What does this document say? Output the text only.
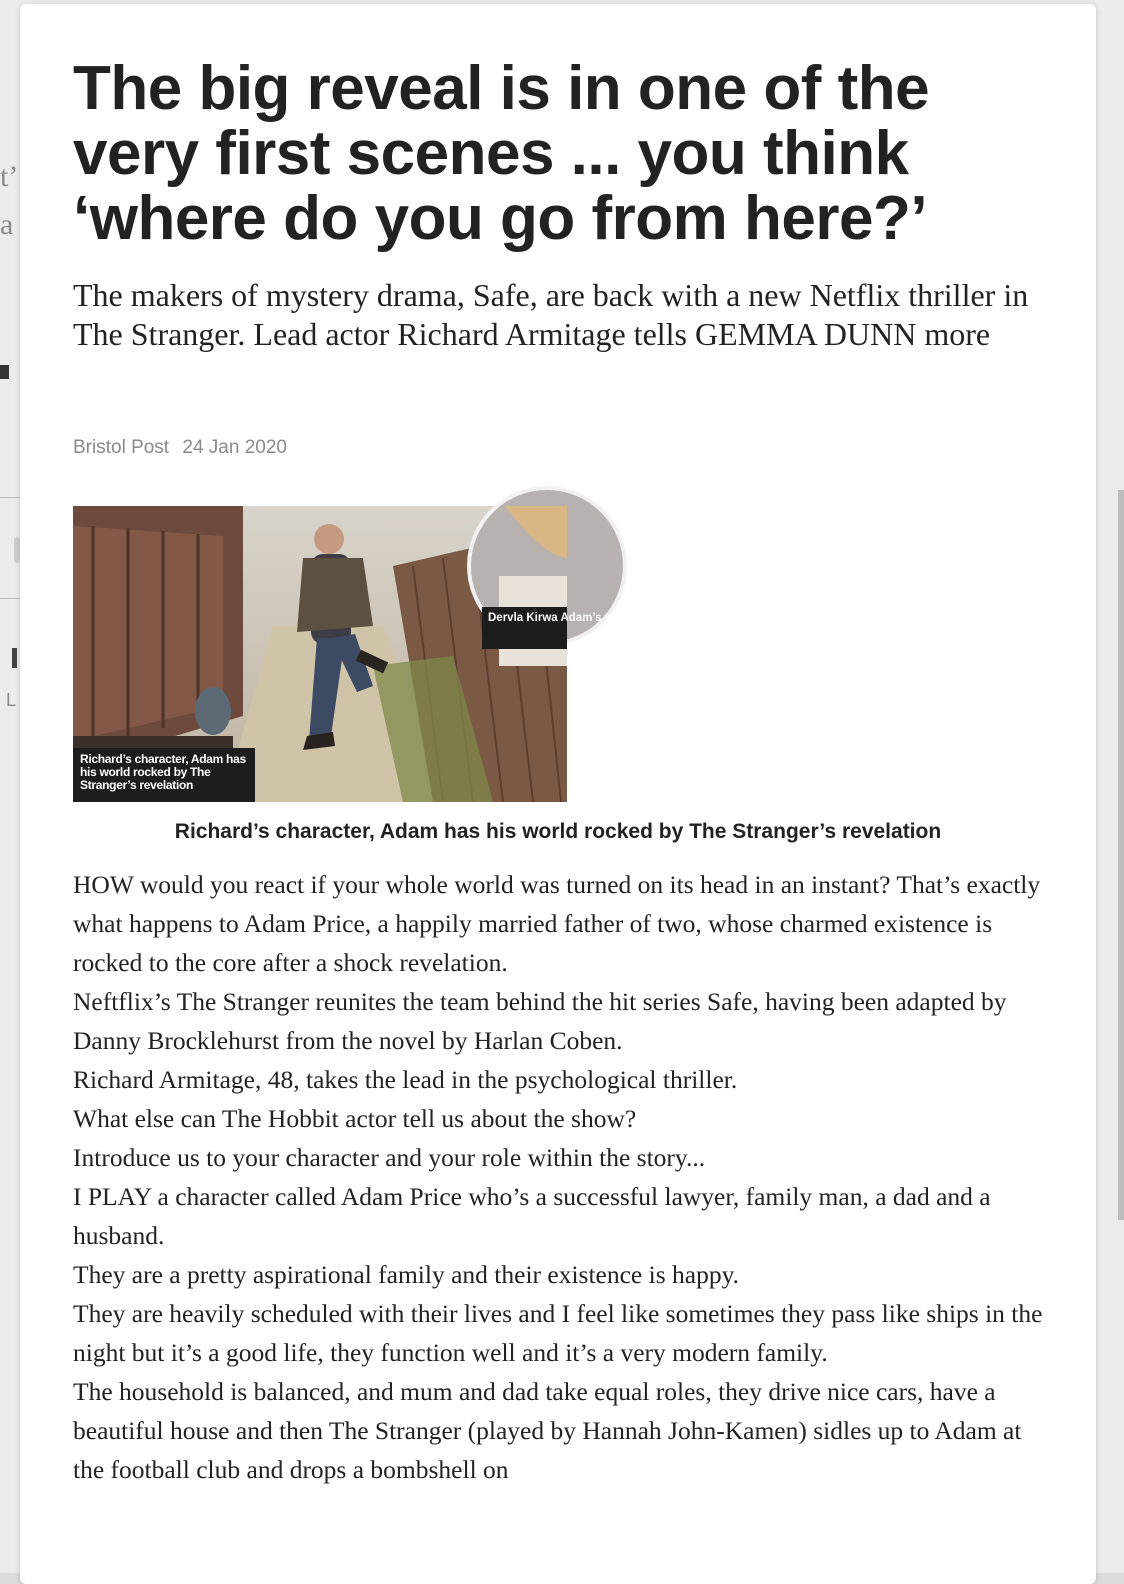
t’
a
L
The big reveal is in one of the very first scenes ... you think ‘where do you go from here?’

The makers of mystery drama, Safe, are back with a new Netflix thriller in The Stranger. Lead actor Richard Armitage tells GEMMA DUNN more

Bristol Post 24 Jan 2020
Dervla Kirwa Adam’s wife
Richard’s character, Adam has his world rocked by The Stranger’s revelation
Richard’s character, Adam has his world rocked by The Stranger’s revelation

HOW would you react if your whole world was turned on its head in an instant? That’s exactly what happens to Adam Price, a happily married father of two, whose charmed existence is rocked to the core after a shock revelation.

Neftflix’s The Stranger reunites the team behind the hit series Safe, having been adapted by Danny Brocklehurst from the novel by Harlan Coben.

Richard Armitage, 48, takes the lead in the psychological thriller.

What else can The Hobbit actor tell us about the show?

Introduce us to your character and your role within the story...

I PLAY a character called Adam Price who’s a successful lawyer, family man, a dad and a husband.

They are a pretty aspirational family and their existence is happy.

They are heavily scheduled with their lives and I feel like sometimes they pass like ships in the night but it’s a good life, they function well and it’s a very modern family.

The household is balanced, and mum and dad take equal roles, they drive nice cars, have a beautiful house and then The Stranger (played by Hannah John-Kamen) sidles up to Adam at the football club and drops a bombshell on
